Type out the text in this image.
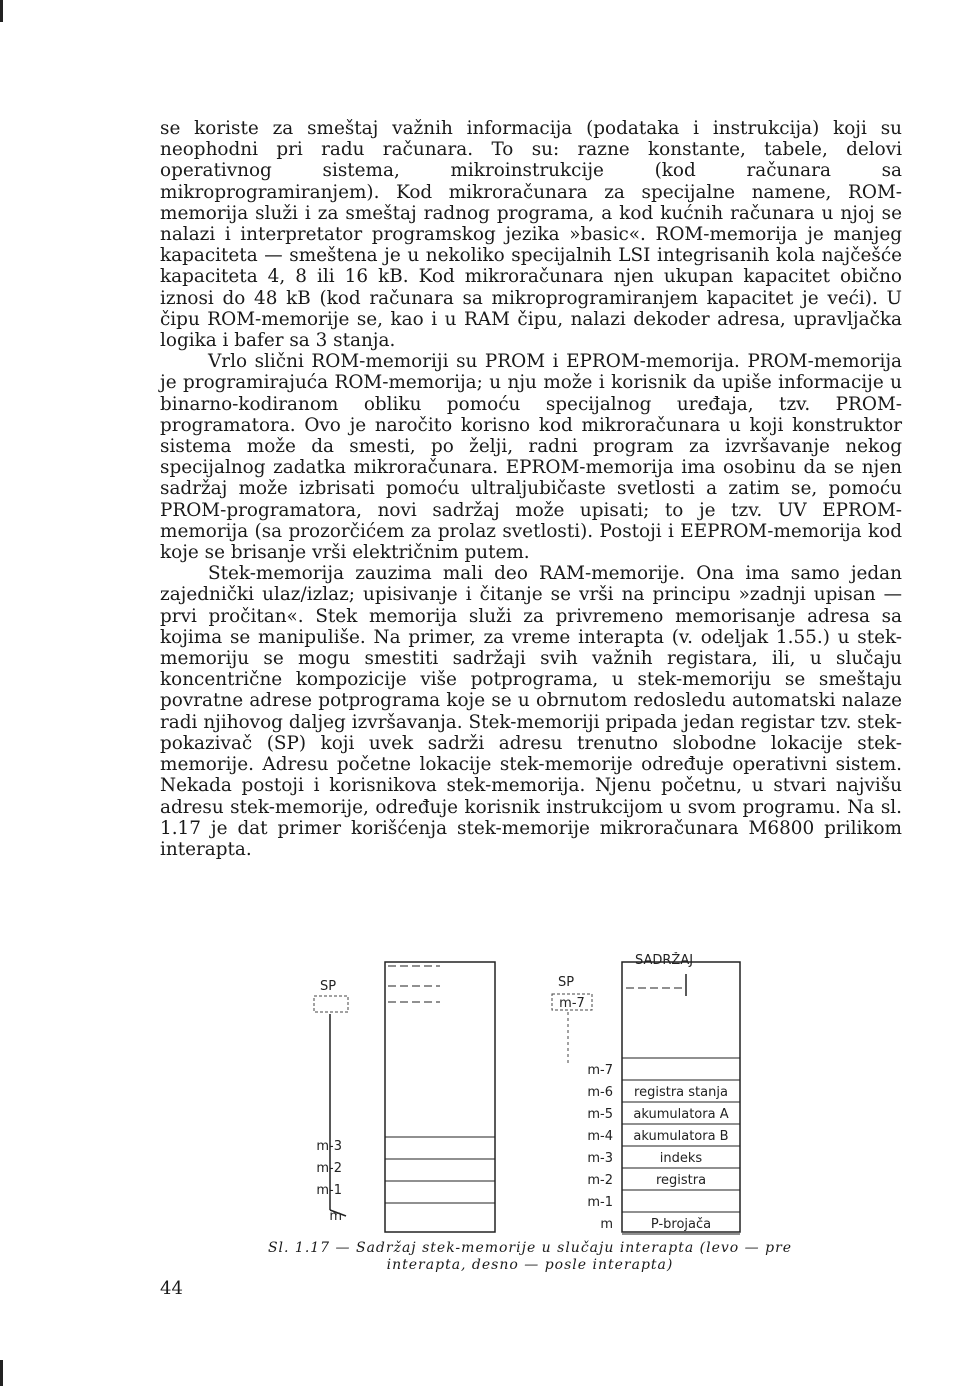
se koriste za smeštaj važnih informacija (podataka i instrukcija) koji su neophodni pri radu računara. To su: razne konstante, tabele, delovi operativnog sistema, mikroinstrukcije (kod računara sa mikroprogramiranjem). Kod mikroračunara za specijalne namene, ROM-memorija služi i za smeštaj radnog programa, a kod kućnih računara u njoj se nalazi i interpretator programskog jezika »basic«. ROM-memorija je manjeg kapaciteta — smeštena je u nekoliko specijalnih LSI integrisanih kola najčešće kapaciteta 4, 8 ili 16 kB. Kod mikroračunara njen ukupan kapacitet obično iznosi do 48 kB (kod računara sa mikroprogramiranjem kapacitet je veći). U čipu ROM-memorije se, kao i u RAM čipu, nalazi dekoder adresa, upravljačka logika i bafer sa 3 stanja.

Vrlo slični ROM-memoriji su PROM i EPROM-memorija. PROM-memorija je programirajuća ROM-memorija; u nju može i korisnik da upiše informacije u binarno-kodiranom obliku pomoću specijalnog uređaja, tzv. PROM-programatora. Ovo je naročito korisno kod mikroračunara u koji konstruktor sistema može da smesti, po želji, radni program za izvršavanje nekog specijalnog zadatka mikroračunara. EPROM-memorija ima osobinu da se njen sadržaj može izbrisati pomoću ultraljubičaste svetlosti a zatim se, pomoću PROM-programatora, novi sadržaj može upisati; to je tzv. UV EPROM-memorija (sa prozorčićem za prolaz svetlosti). Postoji i EEPROM-memorija kod koje se brisanje vrši električnim putem.

Stek-memorija zauzima mali deo RAM-memorije. Ona ima samo jedan zajednički ulaz/izlaz; upisivanje i čitanje se vrši na principu »zadnji upisan — prvi pročitan«. Stek memorija služi za privremeno memorisanje adresa sa kojima se manipuliše. Na primer, za vreme interapta (v. odeljak 1.55.) u stek-memoriju se mogu smestiti sadržaji svih važnih registara, ili, u slučaju koncentrične kompozicije više potprograma, u stek-memoriju se smeštaju povratne adrese potprograma koje se u obrnutom redosledu automatski nalaze radi njihovog daljeg izvršavanja. Stek-memoriji pripada jedan registar tzv. stek-pokazivač (SP) koji uvek sadrži adresu trenutno slobodne lokacije stek-memorije. Adresu početne lokacije stek-memorije određuje operativni sistem. Nekada postoji i korisnikova stek-memorija. Njenu početnu, u stvari najvišu adresu stek-memorije, određuje korisnik instrukcijom u svom programu. Na sl. 1.17 je dat primer korišćenja stek-memorije mikroračunara M6800 prilikom interapta.

SP
m-3
m-2
m-1
m
SADRŽAJ
SP
m-7
m-7
m-6 registra stanja
m-5 akumulatora A
m-4 akumulatora B
m-3	indeks
m-2	registra
m-1
m	P-brojača
Sl. 1.17 — Sadržaj stek-memorije u slučaju interapta (levo — pre interapta, desno — posle interapta)
44
